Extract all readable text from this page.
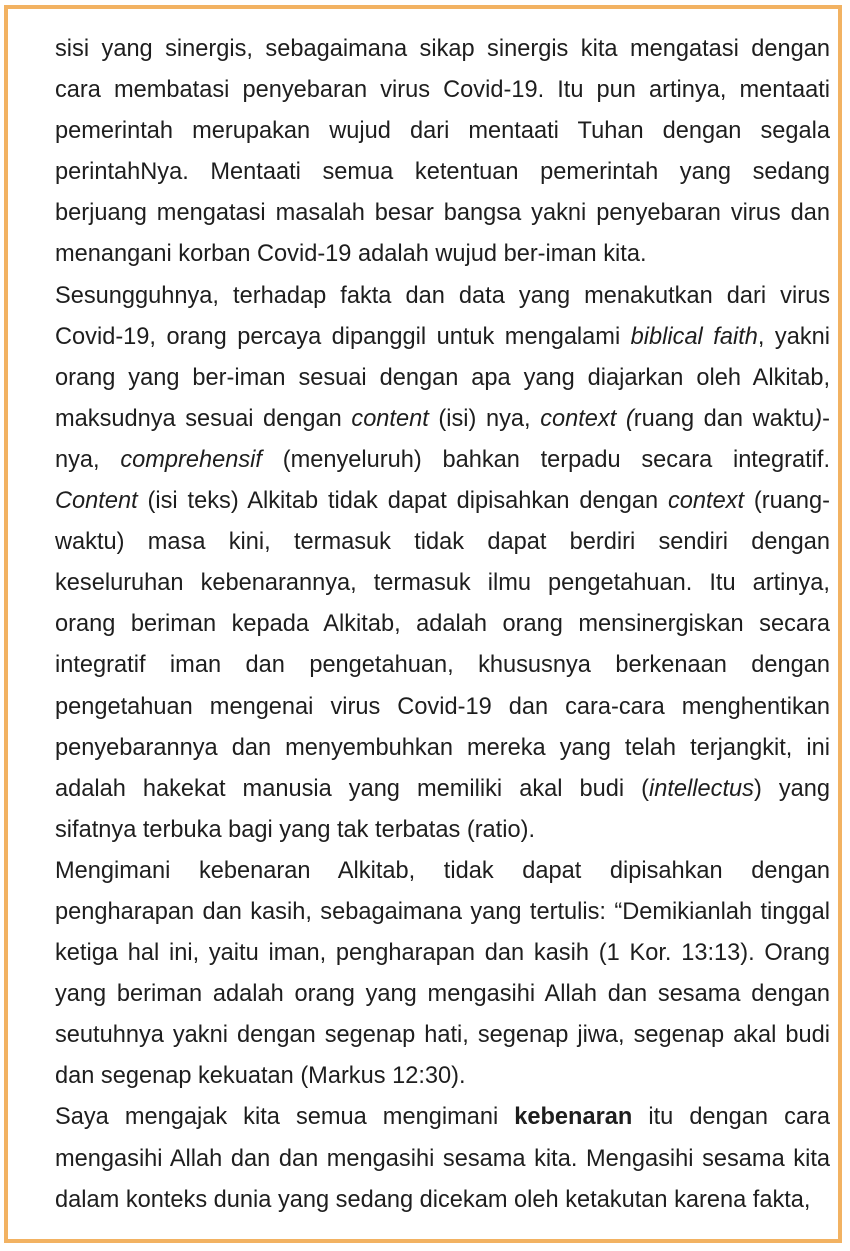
sisi yang sinergis, sebagaimana sikap sinergis kita mengatasi dengan cara membatasi penyebaran virus Covid-19. Itu pun artinya, mentaati pemerintah merupakan wujud dari mentaati Tuhan dengan segala perintahNya. Mentaati semua ketentuan pemerintah yang sedang berjuang mengatasi masalah besar bangsa yakni penyebaran virus dan menangani korban Covid-19 adalah wujud ber-iman kita.

Sesungguhnya, terhadap fakta dan data yang menakutkan dari virus Covid-19, orang percaya dipanggil untuk mengalami biblical faith, yakni orang yang ber-iman sesuai dengan apa yang diajarkan oleh Alkitab, maksudnya sesuai dengan content (isi) nya, context (ruang dan waktu)-nya, comprehensif (menyeluruh) bahkan terpadu secara integratif. Content (isi teks) Alkitab tidak dapat dipisahkan dengan context (ruang-waktu) masa kini, termasuk tidak dapat berdiri sendiri dengan keseluruhan kebenarannya, termasuk ilmu pengetahuan. Itu artinya, orang beriman kepada Alkitab, adalah orang mensinergiskan secara integratif iman dan pengetahuan, khususnya berkenaan dengan pengetahuan mengenai virus Covid-19 dan cara-cara menghentikan penyebarannya dan menyembuhkan mereka yang telah terjangkit, ini adalah hakekat manusia yang memiliki akal budi (intellectus) yang sifatnya terbuka bagi yang tak terbatas (ratio).

Mengimani kebenaran Alkitab, tidak dapat dipisahkan dengan pengharapan dan kasih, sebagaimana yang tertulis: “Demikianlah tinggal ketiga hal ini, yaitu iman, pengharapan dan kasih (1 Kor. 13:13). Orang yang beriman adalah orang yang mengasihi Allah dan sesama dengan seutuhnya yakni dengan segenap hati, segenap jiwa, segenap akal budi dan segenap kekuatan (Markus 12:30).

Saya mengajak kita semua mengimani kebenaran itu dengan cara mengasihi Allah dan dan mengasihi sesama kita. Mengasihi sesama kita dalam konteks dunia yang sedang dicekam oleh ketakutan karena fakta,
